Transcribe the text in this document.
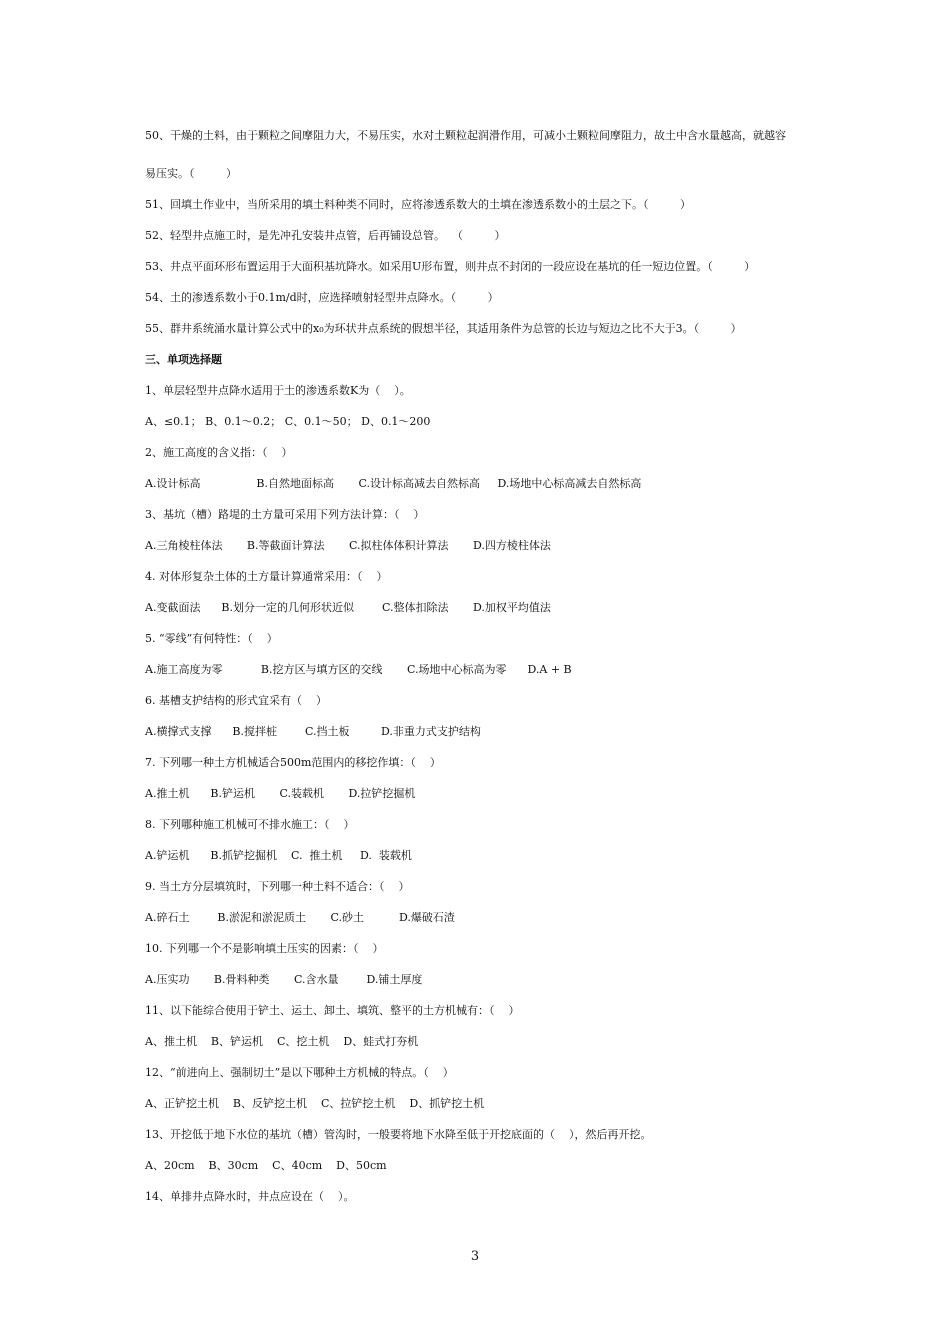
50、干燥的土料，由于颗粒之间摩阻力大，不易压实，水对土颗粒起润滑作用，可减小土颗粒间摩阻力，故土中含水量越高，就越容
易压实。（         ）
51、回填土作业中，当所采用的填土料种类不同时，应将渗透系数大的土填在渗透系数小的土层之下。（         ）
52、轻型井点施工时，是先冲孔安装井点管，后再铺设总管。  （         ）
53、井点平面环形布置运用于大面积基坑降水。如采用U形布置，则井点不封闭的一段应设在基坑的任一短边位置。（         ）
54、土的渗透系数小于0.1m/d时，应选择喷射轻型井点降水。（         ）
55、群井系统涌水量计算公式中的x₀为环状井点系统的假想半径，其适用条件为总管的长边与短边之比不大于3。（         ）
三、单项选择题
1、单层轻型井点降水适用于土的渗透系数K为（    ）。
A、≤0.1； B、0.1～0.2； C、0.1～50； D、0.1～200
2、施工高度的含义指：（    ）
A.设计标高                B.自然地面标高       C.设计标高减去自然标高     D.场地中心标高减去自然标高
3、基坑（槽）路堤的土方量可采用下列方法计算：（    ）
A.三角棱柱体法       B.等截面计算法       C.拟柱体体积计算法       D.四方棱柱体法
4. 对体形复杂土体的土方量计算通常采用：（    ）
A.变截面法      B.划分一定的几何形状近似        C.整体扣除法       D.加权平均值法
5. “零线”有何特性：（    ）
A.施工高度为零           B.挖方区与填方区的交线       C.场地中心标高为零      D.A + B
6. 基槽支护结构的形式宜采有（    ）
A.横撑式支撑      B.搅拌桩        C.挡土板         D.非重力式支护结构
7. 下列哪一种土方机械适合500m范围内的移挖作填：（    ）
A.推土机      B.铲运机       C.装载机       D.拉铲挖掘机
8. 下列哪种施工机械可不排水施工：（    ）
A.铲运机      B.抓铲挖掘机    C.  推土机     D.  装载机
9. 当土方分层填筑时，下列哪一种土料不适合：（    ）
A.碎石土        B.淤泥和淤泥质土       C.砂土          D.爆破石渣
10. 下列哪一个不是影响填土压实的因素：（    ）
A.压实功       B.骨料种类       C.含水量        D.铺土厚度
11、以下能综合使用于铲土、运土、卸土、填筑、整平的土方机械有：（    ）
A、推土机    B、铲运机    C、挖土机    D、蛙式打夯机
12、“前进向上、强制切土”是以下哪种土方机械的特点。（    ）
A、正铲挖土机    B、反铲挖土机    C、拉铲挖土机    D、抓铲挖土机
13、开挖低于地下水位的基坑（槽）管沟时，一般要将地下水降至低于开挖底面的（    ），然后再开挖。
A、20cm    B、30cm    C、40cm    D、50cm
14、单排井点降水时，井点应设在（    ）。
3
